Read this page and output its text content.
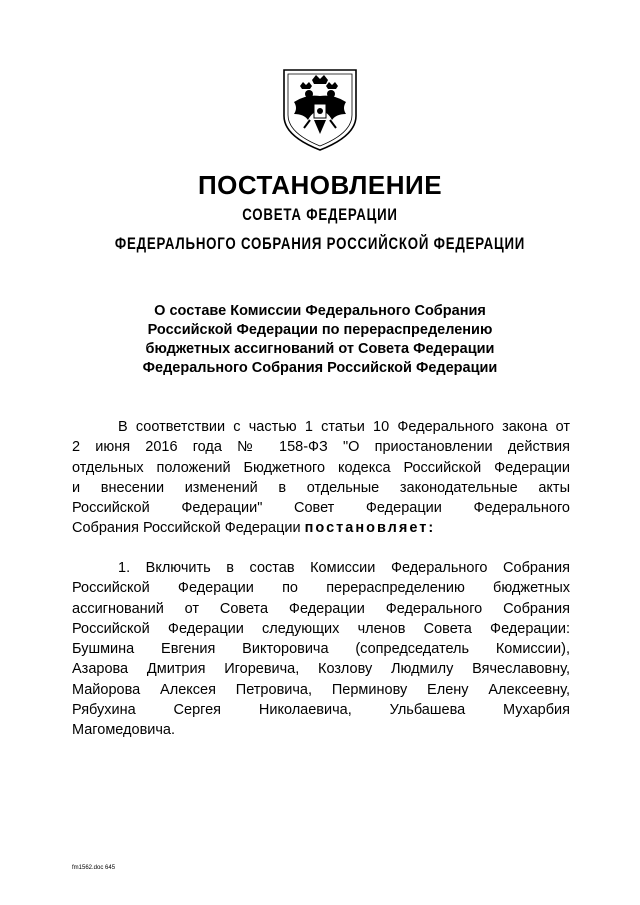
ПОСТАНОВЛЕНИЕ
СОВЕТА ФЕДЕРАЦИИ
ФЕДЕРАЛЬНОГО СОБРАНИЯ РОССИЙСКОЙ ФЕДЕРАЦИИ
О составе Комиссии Федерального Собрания
Российской Федерации по перераспределению
бюджетных ассигнований от Совета Федерации
Федерального Собрания Российской Федерации
В соответствии с частью 1 статьи 10 Федерального закона от
2 июня 2016 года № 158-ФЗ "О приостановлении действия
отдельных положений Бюджетного кодекса Российской Федерации
и внесении изменений в отдельные законодательные акты
Российской Федерации" Совет Федерации Федерального
Собрания Российской Федерации постановляет:
1. Включить в состав Комиссии Федерального Собрания
Российской Федерации по перераспределению бюджетных
ассигнований от Совета Федерации Федерального Собрания
Российской Федерации следующих членов Совета Федерации:
Бушмина Евгения Викторовича (сопредседатель Комиссии),
Азарова Дмитрия Игоревича, Козлову Людмилу Вячеславовну,
Майорова Алексея Петровича, Перминову Елену Алексеевну,
Рябухина Сергея Николаевича, Ульбашева Мухарбия
Магомедовича.
fm1562.doc 645
